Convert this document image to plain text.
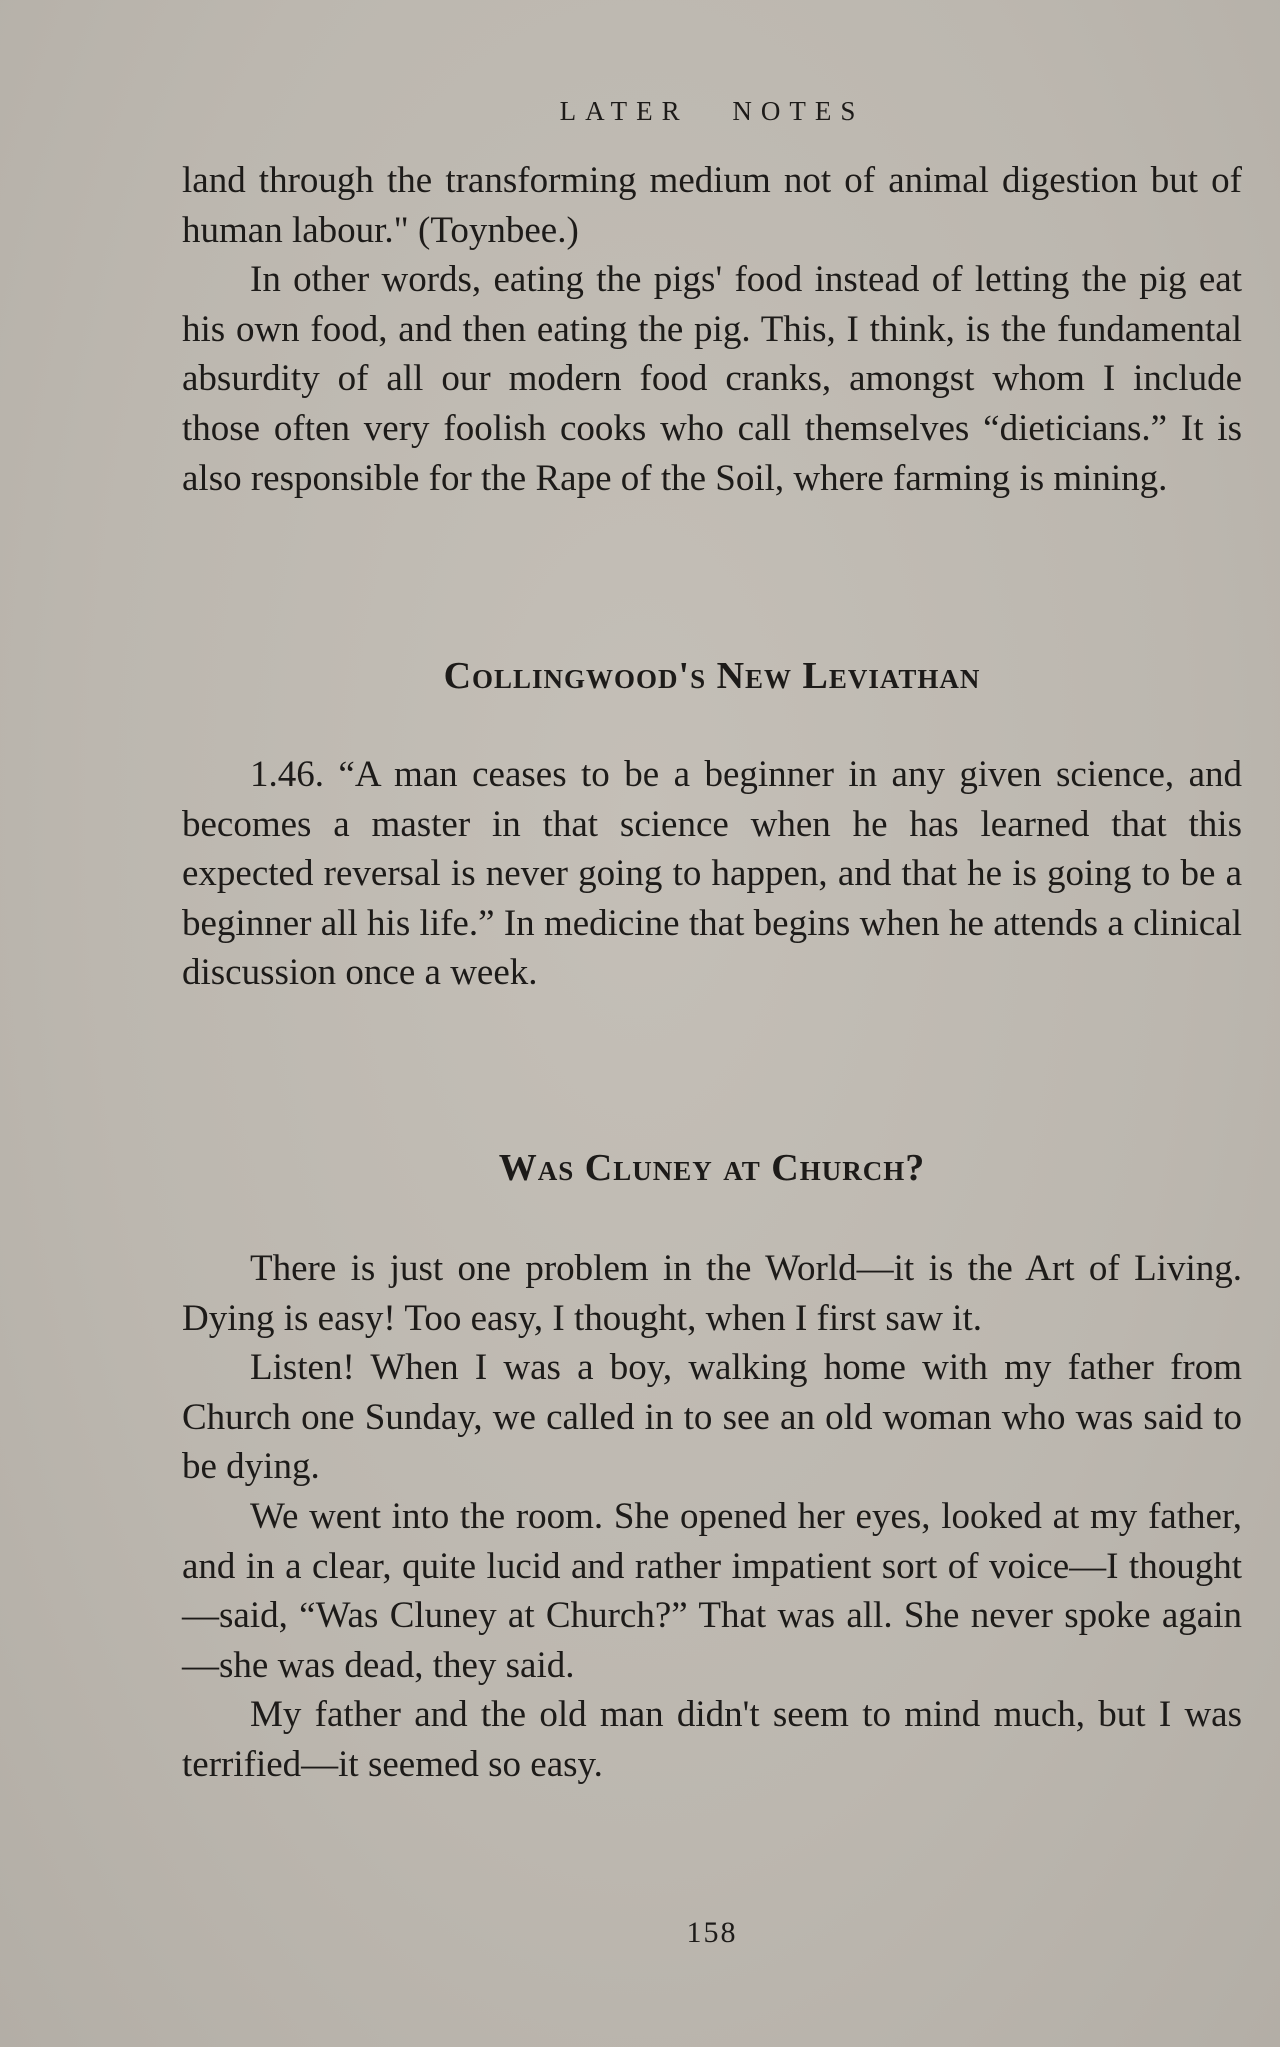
LATER NOTES

land through the transforming medium not of animal digestion but of human labour." (Toynbee.)

In other words, eating the pigs' food instead of letting the pig eat his own food, and then eating the pig. This, I think, is the fundamental absurdity of all our modern food cranks, amongst whom I include those often very foolish cooks who call themselves “dieticians.” It is also responsible for the Rape of the Soil, where farming is mining.

Collingwood's New Leviathan

1.46. “A man ceases to be a beginner in any given science, and becomes a master in that science when he has learned that this expected reversal is never going to happen, and that he is going to be a beginner all his life.” In medicine that begins when he attends a clinical discussion once a week.

Was Cluney at Church?

There is just one problem in the World—it is the Art of Living. Dying is easy! Too easy, I thought, when I first saw it.

Listen! When I was a boy, walking home with my father from Church one Sunday, we called in to see an old woman who was said to be dying.

We went into the room. She opened her eyes, looked at my father, and in a clear, quite lucid and rather impatient sort of voice—I thought—said, “Was Cluney at Church?” That was all. She never spoke again—she was dead, they said.

My father and the old man didn't seem to mind much, but I was terrified—it seemed so easy.

158
